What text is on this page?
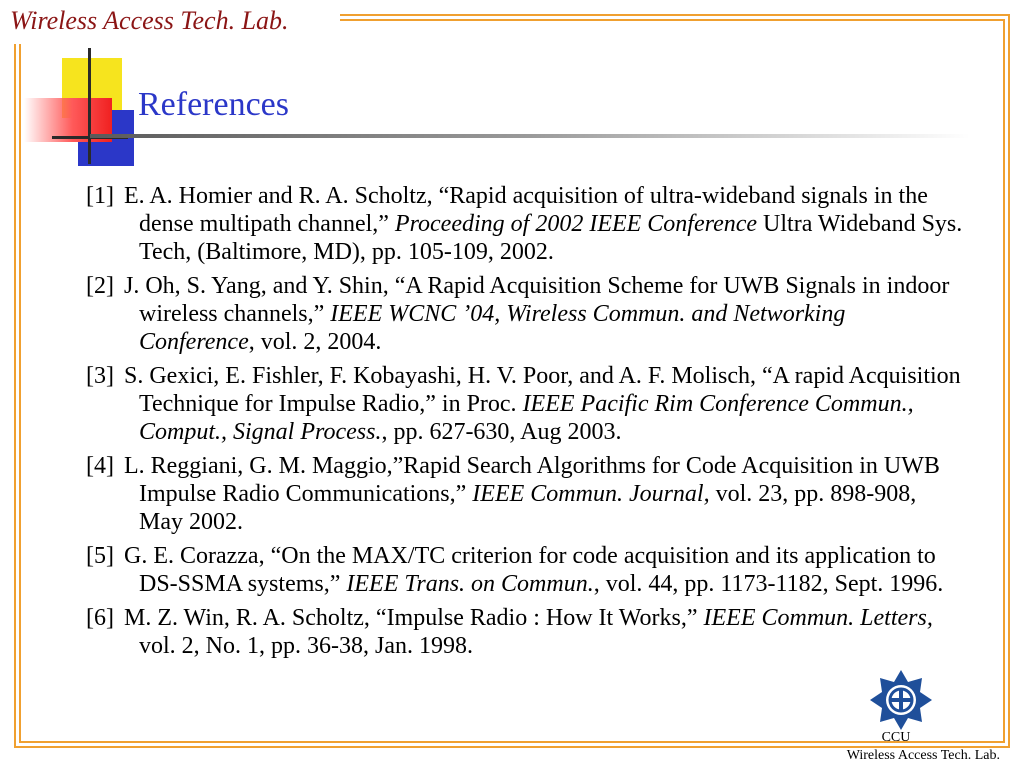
Wireless Access Tech. Lab.

References
[1] E. A. Homier and R. A. Scholtz, “Rapid acquisition of ultra-wideband signals in the dense multipath channel,” Proceeding of 2002 IEEE Conference Ultra Wideband Sys. Tech, (Baltimore, MD), pp. 105-109, 2002.
[2] J. Oh, S. Yang, and Y. Shin, “A Rapid Acquisition Scheme for UWB Signals in indoor wireless channels,” IEEE WCNC ’04, Wireless Commun. and Networking Conference, vol. 2, 2004.
[3] S. Gexici, E. Fishler, F. Kobayashi, H. V. Poor, and A. F. Molisch, “A rapid Acquisition Technique for Impulse Radio,” in Proc. IEEE Pacific Rim Conference Commun., Comput., Signal Process., pp. 627-630, Aug 2003.
[4] L. Reggiani, G. M. Maggio,”Rapid Search Algorithms for Code Acquisition in UWB Impulse Radio Communications,” IEEE Commun. Journal, vol. 23, pp. 898-908, May 2002.
[5] G. E. Corazza, “On the MAX/TC criterion for code acquisition and its application to DS-SSMA systems,” IEEE Trans. on Commun., vol. 44, pp. 1173-1182, Sept. 1996.
[6] M. Z. Win, R. A. Scholtz, “Impulse Radio : How It Works,” IEEE Commun. Letters, vol. 2, No. 1, pp. 36-38, Jan. 1998.

CCU

Wireless Access Tech. Lab.
